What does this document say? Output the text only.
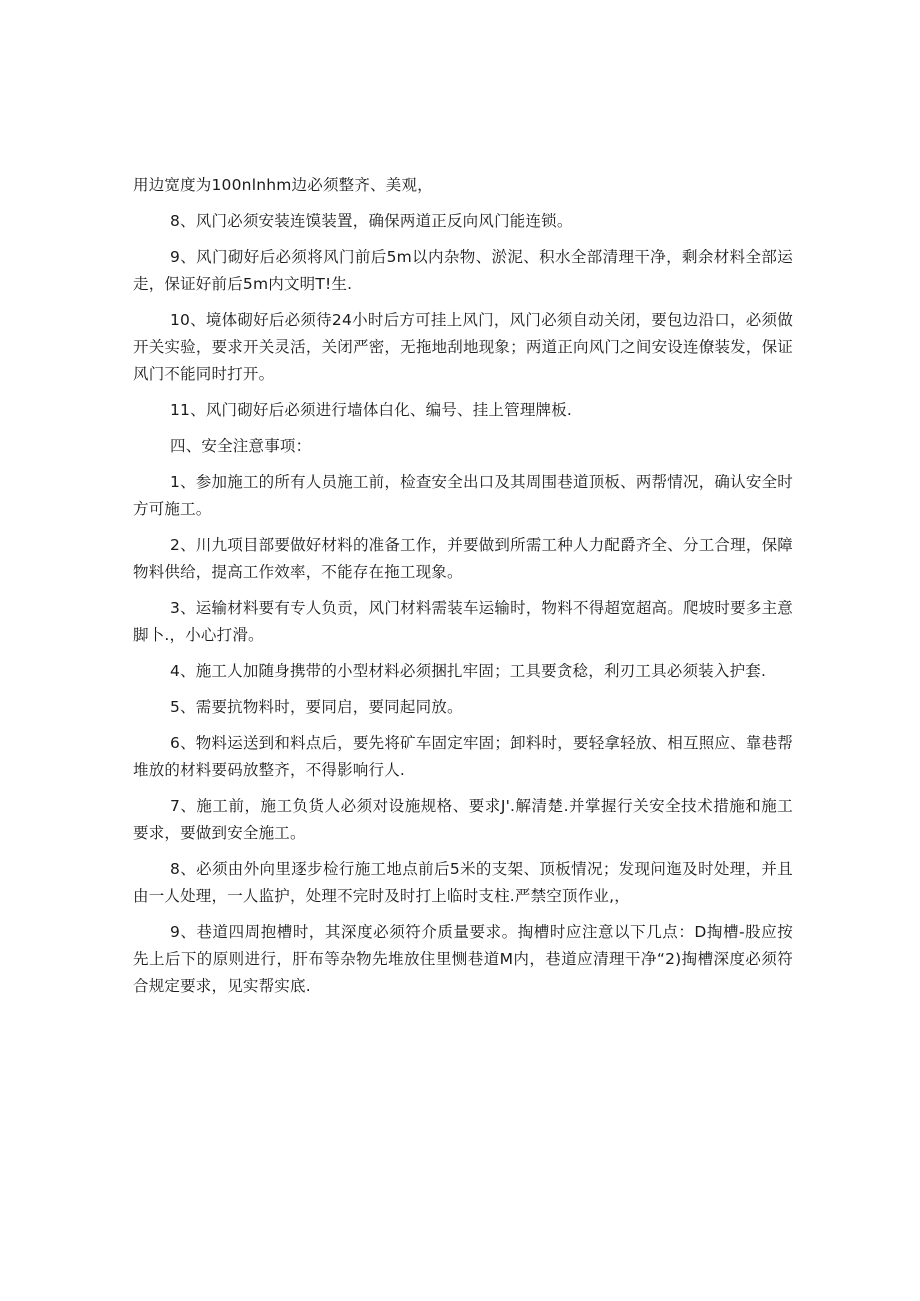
用边宽度为100nlnhm边必须整齐、美观，

8、风门必须安装连馍装置，确保两道正反向风门能连锁。

9、风门砌好后必须将风门前后5m以内杂物、淤泥、积水全部清理干净，剩余材料全部运走，保证好前后5m内文明T!生.

10、境体砌好后必须待24小时后方可挂上风门，风门必须自动关闭，要包边沿口，必须做开关实验，要求开关灵活，关闭严密，无拖地刮地现象；两道正向风门之间安设连僚装发，保证风门不能同时打开。

11、风门砌好后必须进行墙体白化、编号、挂上管理牌板.

四、安全注意事项：

1、参加施工的所有人员施工前，检查安全出口及其周围巷道顶板、两帮情况，确认安全时方可施工。

2、川九项目部要做好材料的准备工作，并要做到所需工种人力配爵齐全、分工合理，保障物料供给，提高工作效率，不能存在拖工现象。

3、运输材料要有专人负贡，风门材料需装车运输时，物料不得超宽超高。爬坡时要多主意脚卜.，小心打滑。

4、施工人加随身携带的小型材料必须捆扎牢固；工具要贪稔，利刃工具必须装入护套.

5、需要抗物料时，要同启，要同起同放。

6、物料运送到和料点后，要先将矿车固定牢固；卸料时，要轻拿轻放、相互照应、靠巷帮堆放的材料要码放整齐，不得影响行人.

7、施工前，施工负货人必须对设施规格、要求J'.解清楚.并掌握行关安全技术措施和施工要求，要做到安全施工。

8、必须由外向里逐步检行施工地点前后5米的支架、顶板情况；发现问迤及时处理，并且由一人处理，一人监护，处理不完时及时打上临时支柱.严禁空顶作业,，

9、巷道四周抱槽时，其深度必须符介质量要求。掏槽时应注意以下几点：D掏槽-股应按先上后下的原则进行，肝布等杂物先堆放住里恻巷道M内，巷道应清理干净“2)掏槽深度必须符合规定要求，见实帮实底.
